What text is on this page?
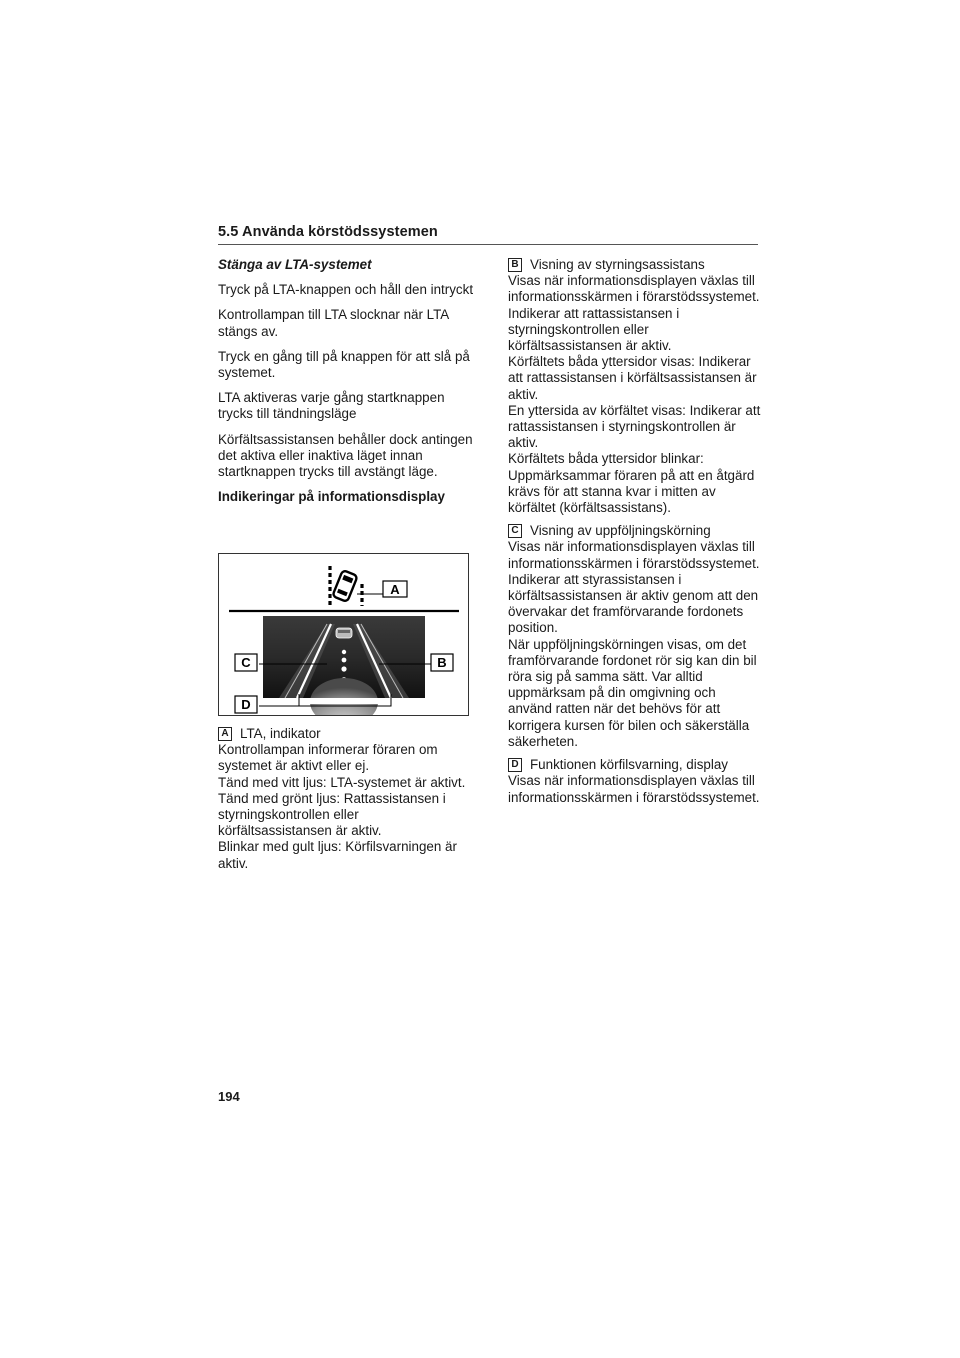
5.5 Använda körstödssystemen

Stänga av LTA-systemet

Tryck på LTA-knappen och håll den intryckt

Kontrollampan till LTA slocknar när LTA stängs av.

Tryck en gång till på knappen för att slå på systemet.

LTA aktiveras varje gång startknappen trycks till tändningsläge

Körfältsassistansen behåller dock antingen det aktiva eller inaktiva läget innan startknappen trycks till avstängt läge.

Indikeringar på informationsdisplay

A
C	B
D
A LTA, indikator
Kontrollampan informerar föraren om systemet är aktivt eller ej.
Tänd med vitt ljus: LTA-systemet är aktivt.
Tänd med grönt ljus: Rattassistansen i styrningskontrollen eller körfältsassistansen är aktiv.
Blinkar med gult ljus: Körfilsvarningen är aktiv.
B Visning av styrningsassistans
Visas när informationsdisplayen växlas till informationsskärmen i förarstödssystemet.
Indikerar att rattassistansen i styrningskontrollen eller körfältsassistansen är aktiv.
Körfältets båda yttersidor visas: Indikerar att rattassistansen i körfältsassistansen är aktiv.
En yttersida av körfältet visas: Indikerar att rattassistansen i styrningskontrollen är aktiv.
Körfältets båda yttersidor blinkar: Uppmärksammar föraren på att en åtgärd krävs för att stanna kvar i mitten av körfältet (körfältsassistans).
C Visning av uppföljningskörning
Visas när informationsdisplayen växlas till informationsskärmen i förarstödssystemet.
Indikerar att styrassistansen i körfältsassistansen är aktiv genom att den övervakar det framförvarande fordonets position.
När uppföljningskörningen visas, om det framförvarande fordonet rör sig kan din bil röra sig på samma sätt. Var alltid uppmärksam på din omgivning och använd ratten när det behövs för att korrigera kursen för bilen och säkerställa säkerheten.
D Funktionen körfilsvarning, display
Visas när informationsdisplayen växlas till informationsskärmen i förarstödssystemet.
194
